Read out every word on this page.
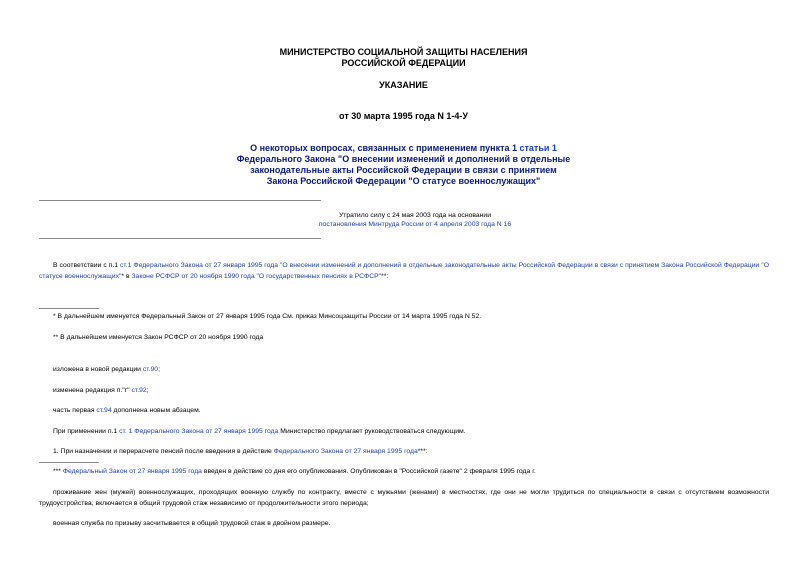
МИНИСТЕРСТВО СОЦИАЛЬНОЙ ЗАЩИТЫ НАСЕЛЕНИЯ
РОССИЙСКОЙ ФЕДЕРАЦИИ
УКАЗАНИЕ
от 30 марта 1995 года N 1-4-У
О некоторых вопросах, связанных с применением пункта 1 статьи 1
Федерального Закона "О внесении изменений и дополнений в отдельные
законодательные акты Российской Федерации в связи с принятием
Закона Российской Федерации "О статусе военнослужащих"
Утратило силу с 24 мая 2003 года на основании
постановления Минтруда России от 4 апреля 2003 года N 16
В соответствии с п.1 ст.1 Федерального Закона от 27 января 1995 года "О внесении изменений и дополнений в отдельные законодательные акты Российской Федерации в связи с принятием Закона Российской Федерации "О статусе военнослужащих"* в Законе РСФСР от 20 ноября 1990 года "О государственных пенсиях в РСФСР"**:
* В дальнейшем именуется Федеральный Закон от 27 января 1995 года См. приказ Минсоцзащиты России от 14 марта 1995 года N 52.
** В дальнейшем именуется Закон РСФСР от 20 ноября 1990 года
изложена в новой редакции ст.90;
изменена редакция п."г" ст.92;
часть первая ст.94 дополнена новым абзацем.
При применении п.1 ст. 1 Федерального Закона от 27 января 1995 года Министерство предлагает руководствоваться следующим.
1. При назначении и перерасчете пенсий после введения в действие Федерального Закона от 27 января 1995 года***:
*** Федеральный Закон от 27 января 1995 года введен в действие со дня его опубликования. Опубликован в "Российской газете" 2 февраля 1995 года г.
проживание жен (мужей) военнослужащих, проходящих военную службу по контракту, вместе с мужьями (женами) в местностях, где они не могли трудиться по специальности в связи с отсутствием возможности трудоустройства, включается в общий трудовой стаж независимо от продолжительности этого периода;
военная служба по призыву засчитывается в общий трудовой стаж в двойном размере.
